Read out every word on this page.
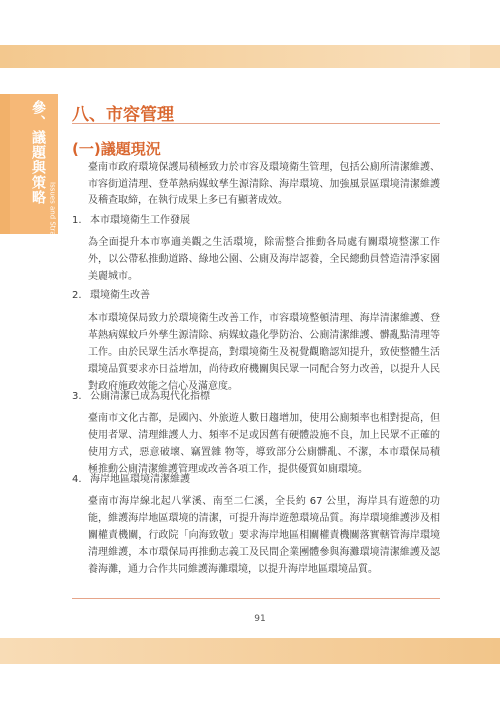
參、議題與策略
Issues and Strategies
八、市容管理
(一)議題現況

臺南市政府環境保護局積極致力於市容及環境衛生管理，包括公廁所清潔維護、市容街道清理、登革熱病媒蚊孳生源清除、海岸環境、加強風景區環境清潔維護及稽查取締，在執行成果上多已有顯著成效。

1. 本市環境衛生工作發展

為全面提升本市寧適美觀之生活環境，除需整合推動各局處有關環境整潔工作外，以公帶私推動道路、綠地公園、公廁及海岸認養，全民總動員營造清淨家園美麗城市。

2. 環境衛生改善

本市環境保局致力於環境衛生改善工作，市容環境整頓清理、海岸清潔維護、登革熱病媒蚊戶外孳生源清除、病媒蚊蟲化學防治、公廁清潔維護、髒亂點清理等工作。由於民眾生活水準提高，對環境衛生及視覺觀瞻認知提升，致使整體生活環境品質要求亦日益增加，尚待政府機關與民眾一同配合努力改善，以提升人民對政府施政效能之信心及滿意度。

3. 公廁清潔已成為現代化指標

臺南市文化古都，是國內、外旅遊人數日趨增加，使用公廁頻率也相對提高，但使用者眾、清理維護人力、頻率不足或因舊有硬體設施不良，加上民眾不正確的使用方式，惡意破壞、竊置雜 物等，導致部分公廁髒亂、不潔，本市環保局積極推動公廁清潔維護管理或改善各項工作，提供優質如廁環境。

4. 海岸地區環境清潔維護

臺南市海岸線北起八掌溪、南至二仁溪，全長約 67 公里，海岸具有遊憩的功能，維護海岸地區環境的清潔，可提升海岸遊憩環境品質。海岸環境維護涉及相關權責機關，行政院「向海致敬」要求海岸地區相關權責機關落實轄管海岸環境清理維護，本市環保局再推動志義工及民間企業團體參與海灘環境清潔維護及認養海灘，通力合作共同維護海灘環境，以提升海岸地區環境品質。

91
